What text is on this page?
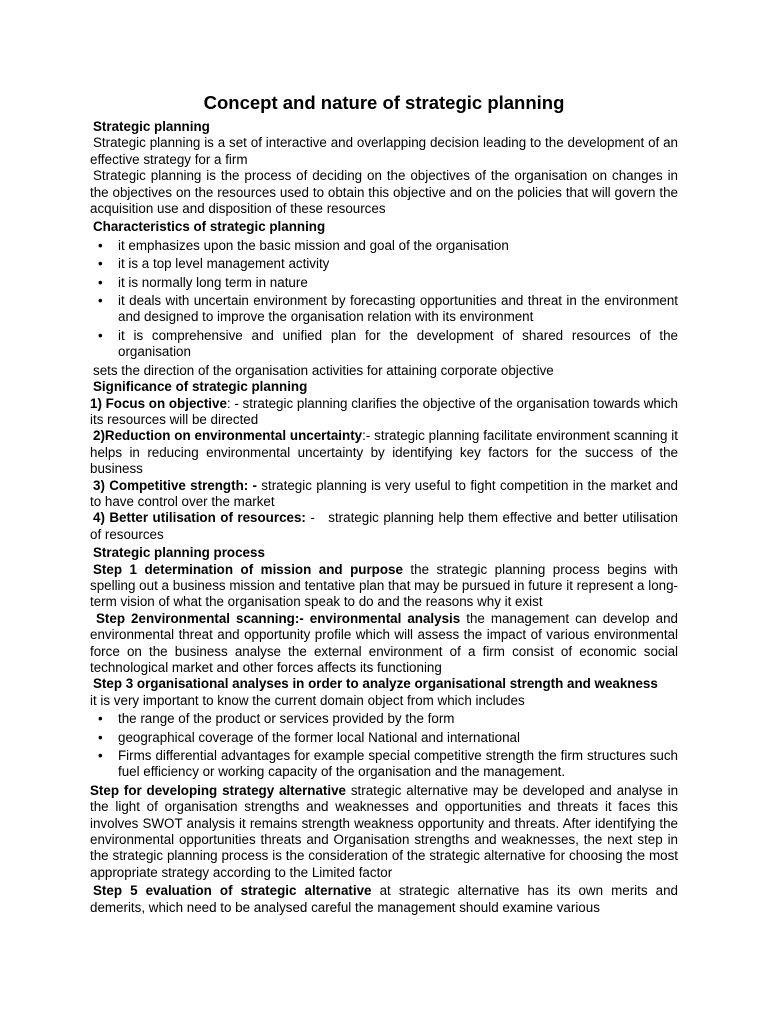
Concept and nature of strategic planning

Strategic planning

Strategic planning is a set of interactive and overlapping decision leading to the development of an effective strategy for a firm

Strategic planning is the process of deciding on the objectives of the organisation on changes in the objectives on the resources used to obtain this objective and on the policies that will govern the acquisition use and disposition of these resources

Characteristics of strategic planning

• it emphasizes upon the basic mission and goal of the organisation
• it is a top level management activity
• it is normally long term in nature
• it deals with uncertain environment by forecasting opportunities and threat in the environment and designed to improve the organisation relation with its environment
• it is comprehensive and unified plan for the development of shared resources of the organisation

sets the direction of the organisation activities for attaining corporate objective

Significance of strategic planning

1) Focus on objective: - strategic planning clarifies the objective of the organisation towards which its resources will be directed

2)Reduction on environmental uncertainty:- strategic planning facilitate environment scanning it helps in reducing environmental uncertainty by identifying key factors for the success of the business

3) Competitive strength: - strategic planning is very useful to fight competition in the market and to have control over the market

4) Better utilisation of resources: -   strategic planning help them effective and better utilisation of resources

Strategic planning process

Step 1 determination of mission and purpose the strategic planning process begins with spelling out a business mission and tentative plan that may be pursued in future it represent a long-term vision of what the organisation speak to do and the reasons why it exist

Step 2environmental scanning:- environmental analysis the management can develop and environmental threat and opportunity profile which will assess the impact of various environmental force on the business analyse the external environment of a firm consist of economic social technological market and other forces affects its functioning

Step 3 organisational analyses in order to analyze organisational strength and weakness

it is very important to know the current domain object from which includes

• the range of the product or services provided by the form
• geographical coverage of the former local National and international
• Firms differential advantages for example special competitive strength the firm structures such fuel efficiency or working capacity of the organisation and the management.

Step for developing strategy alternative strategic alternative may be developed and analyse in the light of organisation strengths and weaknesses and opportunities and threats it faces this involves SWOT analysis it remains strength weakness opportunity and threats. After identifying the environmental opportunities threats and Organisation strengths and weaknesses, the next step in the strategic planning process is the consideration of the strategic alternative for choosing the most appropriate strategy according to the Limited factor

Step 5 evaluation of strategic alternative at strategic alternative has its own merits and demerits, which need to be analysed careful the management should examine various
